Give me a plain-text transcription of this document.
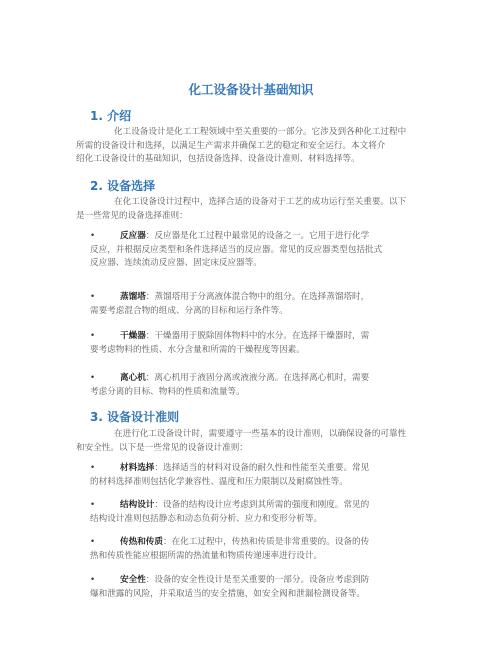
化工设备设计基础知识
1. 介绍
化工设备设计是化工工程领域中至关重要的一部分。它涉及到各种化工过程中
所需的设备设计和选择，以满足生产需求并确保工艺的稳定和安全运行。本文将介
绍化工设备设计的基础知识，包括设备选择、设备设计准则、材料选择等。
2. 设备选择
在化工设备设计过程中，选择合适的设备对于工艺的成功运行至关重要。以下
是一些常见的设备选择准则：
•	反应器：反应器是化工过程中最常见的设备之一。它用于进行化学
反应，并根据反应类型和条件选择适当的反应器。常见的反应器类型包括批式
反应器、连续流动反应器、固定床反应器等。
•	蒸馏塔：蒸馏塔用于分离液体混合物中的组分。在选择蒸馏塔时，
需要考虑混合物的组成、分离的目标和运行条件等。
•	干燥器：干燥器用于脱除固体物料中的水分。在选择干燥器时，需
要考虑物料的性质、水分含量和所需的干燥程度等因素。
•	离心机：离心机用于液固分离或液液分离。在选择离心机时，需要
考虑分离的目标、物料的性质和流量等。
3. 设备设计准则
在进行化工设备设计时，需要遵守一些基本的设计准则，以确保设备的可靠性
和安全性。以下是一些常见的设备设计准则：
•	材料选择：选择适当的材料对设备的耐久性和性能至关重要。常见
的材料选择准则包括化学兼容性、温度和压力限制以及耐腐蚀性等。
•	结构设计：设备的结构设计应考虑到其所需的强度和刚度。常见的
结构设计准则包括静态和动态负荷分析、应力和变形分析等。
•	传热和传质：在化工过程中，传热和传质是非常重要的。设备的传
热和传质性能应根据所需的热流量和物质传递速率进行设计。
•	安全性：设备的安全性设计是至关重要的一部分。设备应考虑到防
爆和泄露的风险，并采取适当的安全措施，如安全阀和泄漏检测设备等。
